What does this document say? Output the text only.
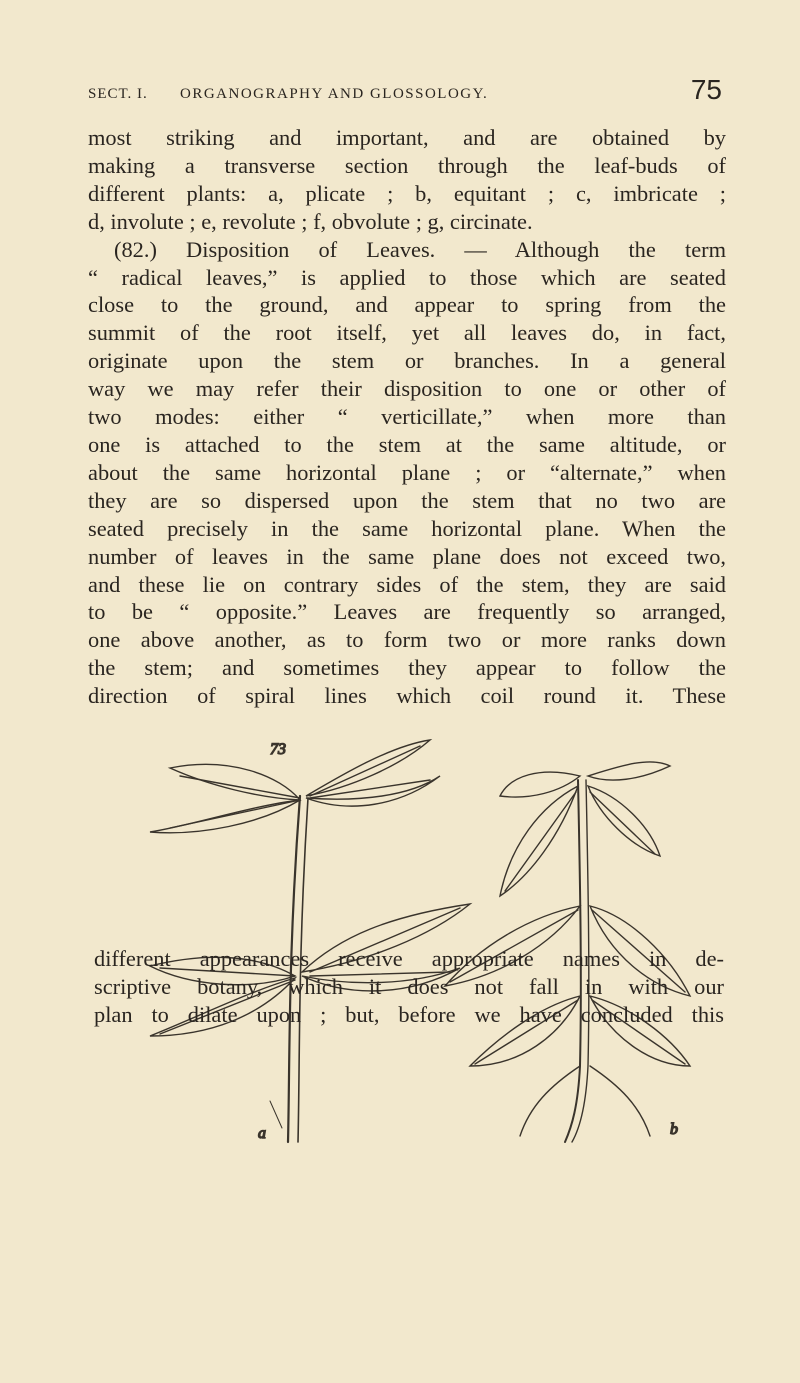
SECT. I. ORGANOGRAPHY AND GLOSSOLOGY.	75
most striking and important, and are obtained by
making a transverse section through the leaf-buds of
different plants: a, plicate ; b, equitant ; c, imbricate ;
d, involute ; e, revolute ; f, obvolute ; g, circinate.
(82.) Disposition of Leaves. — Although the term
“ radical leaves,” is applied to those which are seated
close to the ground, and appear to spring from the
summit of the root itself, yet all leaves do, in fact,
originate upon the stem or branches. In a general
way we may refer their disposition to one or other of
two modes: either “ verticillate,” when more than
one is attached to the stem at the same altitude, or
about the same horizontal plane ; or “alternate,” when
they are so dispersed upon the stem that no two are
seated precisely in the same horizontal plane. When the
number of leaves in the same plane does not exceed two,
and these lie on contrary sides of the stem, they are said
to be “ opposite.” Leaves are frequently so arranged,
one above another, as to form two or more ranks down
the stem; and sometimes they appear to follow the
direction of spiral lines which coil round it. These
73
b
a
different appearances receive appropriate names in de-
scriptive botany, which it does not fall in with our
plan to dilate upon ; but, before we have concluded this
